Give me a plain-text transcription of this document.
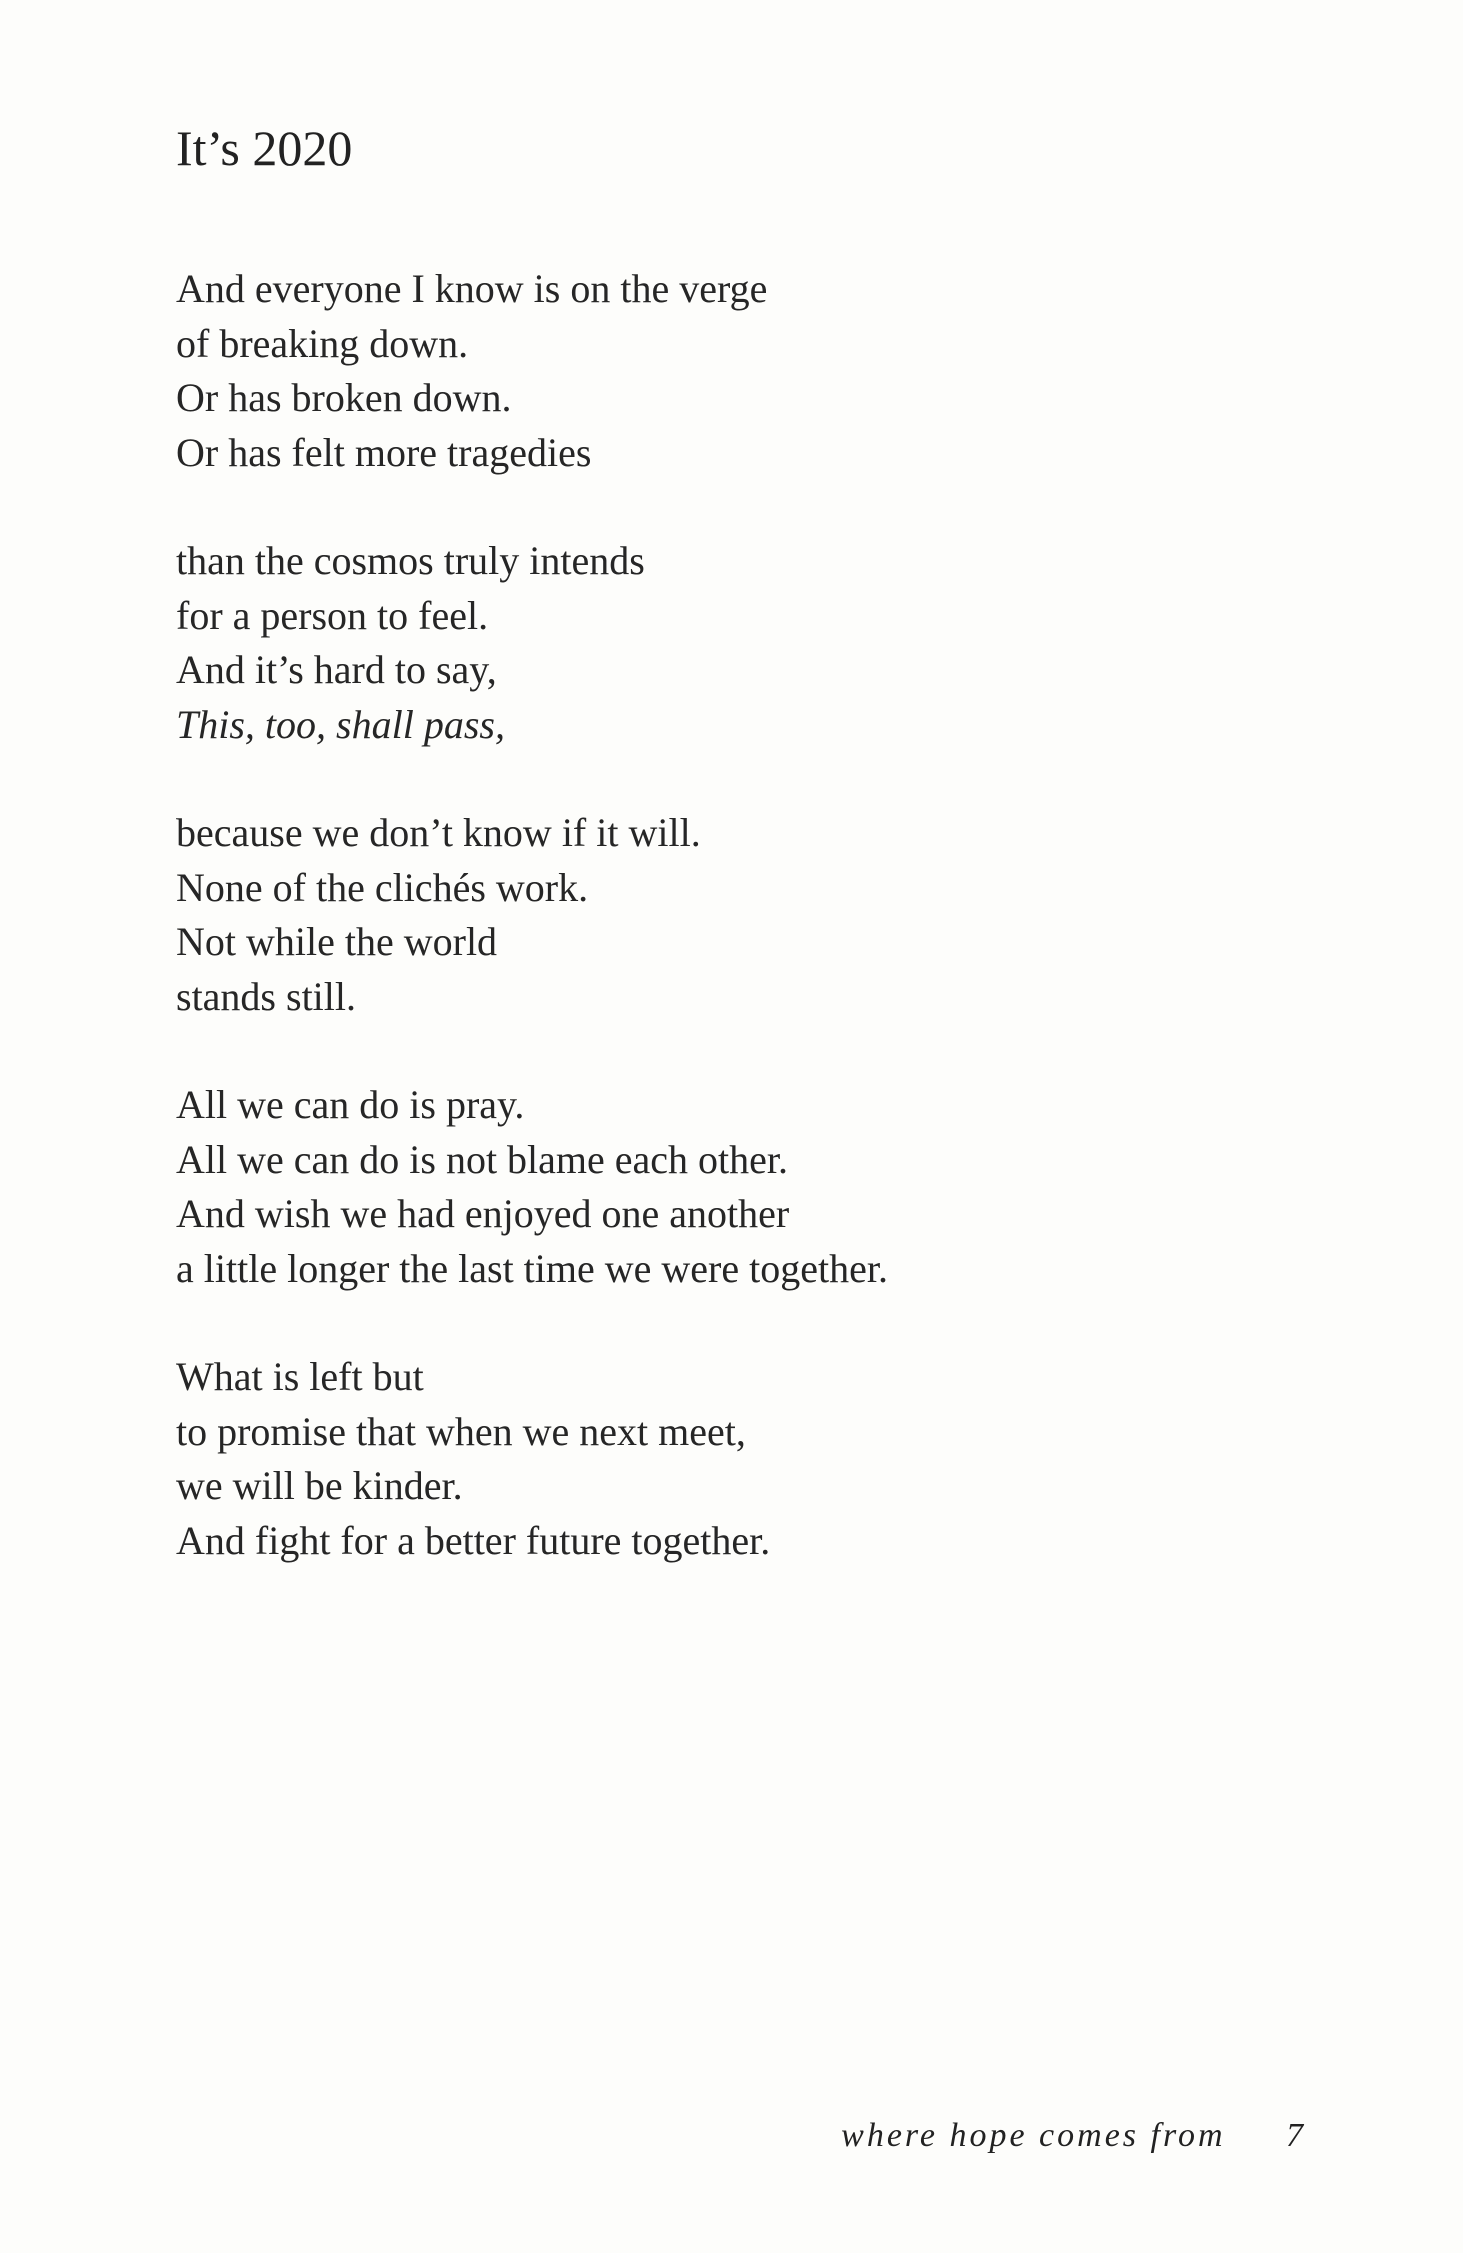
It’s 2020
And everyone I know is on the verge
of breaking down.
Or has broken down.
Or has felt more tragedies
than the cosmos truly intends
for a person to feel.
And it’s hard to say,
This, too, shall pass,
because we don’t know if it will.
None of the clichés work.
Not while the world
stands still.
All we can do is pray.
All we can do is not blame each other.
And wish we had enjoyed one another
a little longer the last time we were together.
What is left but
to promise that when we next meet,
we will be kinder.
And fight for a better future together.
where hope comes from 7
